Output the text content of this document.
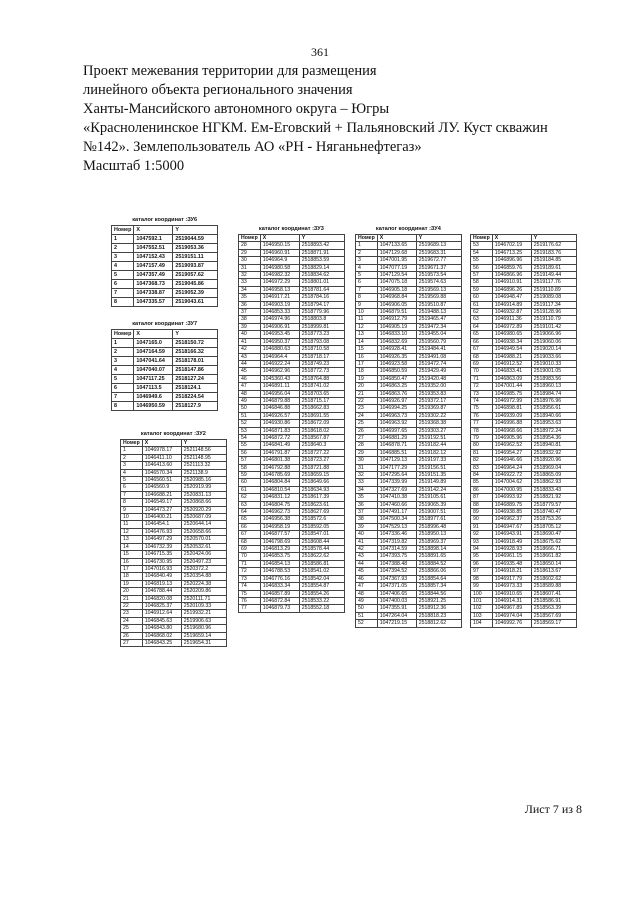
361
Проект межевания территории для размещения
линейного объекта регионального значения
Ханты-Мансийского автономного округа – Югры
«Красноленинское НГКМ. Ем-Еговский + Пальяновский ЛУ. Куст скважин
№142». Землепользователь АО «РН - Няганьнефтегаз»
Масштаб 1:5000
каталог координат :ЗУ6
Номер	X	Y
1	1047592.1	2519044.59
2	1047552.51	2519053.36
3	1047152.43	2519151.11
4	1047157.49	2519093.87
5	1047357.49	2519057.62
6	1047368.73	2519045.86
7	1047338.87	2519052.39
8	1047335.57	2519043.61
каталог координат :ЗУ7
Номер	X	Y
1	1047165.0	2518150.72
2	1047164.59	2518166.32
3	1047041.64	2518178.01
4	1047040.07	2518147.86
5	1047117.25	2518127.24
6	1047113.5	2518124.1
7	1046949.6	2518224.54
8	1046950.59	2518127.9
каталог координат :ЗУ2
Номер	X	Y
1	1046978.17	2521148.56
2	1046411.10	2521148.95
3	1046413.60	2521113.32
4	1046570.34	2521138.9
5	1046560.51	2520985.16
6	1046560.9	2520919.99
7	1046688.21	2520831.13
8	1046549.17	2520868.66
9	1046473.27	2520920.29
10	1046400.21	2520687.09
11	1046454.1	2520644.14
12	1046476.93	2520658.66
13	1046497.29	2520570.01
14	1046732.39	2520532.61
15	1046715.35	2520424.06
16	1046730.95	2520497.23
17	1047016.93	2520372.2
18	1046840.49	2520354.88
19	1046819.13	2520224.38
20	1046788.44	2520209.86
21	1046820.08	2520111.71
22	1046825.37	2520109.33
23	1046912.64	2519932.21
24	1046845.63	2519906.63
25	1046843.80	2519680.96
26	1046868.02	2519659.14
27	1046843.25	2519654.31
каталог координат :ЗУ3
Номер	X	Y
28	1046950.15	2518893.42
29	1046960.91	2518871.91
30	1046964.9	2518853.59
31	1046980.58	2518829.14
32	1046982.32	2518834.62
33	1046972.29	2518801.01
34	1046958.13	2518781.64
35	1046917.21	2518784.16
36	1046903.19	2518794.17
37	1046853.33	2518779.96
38	1046974.96	2518803.8
39	1046906.91	2518999.81
40	1046953.45	2518773.23
41	1046950.37	2518793.08
42	1046880.63	2518710.58
43	1046964.4	2518718.17
44	1046922.24	2518749.23
45	1046962.96	2518772.73
46	1045360.43	2518764.88
47	1046891.11	2518741.02
48	1046956.04	2518703.65
49	1046879.88	2518715.17
50	1046846.88	2518662.83
51	1046926.57	2518691.55
52	1046930.86	2518672.09
53	1046871.83	2518618.02
54	1046872.72	2518567.87
55	1046841.49	2518640.3
56	1046791.87	2518727.22
57	1046801.38	2518723.27
58	1046792.88	2518721.88
59	1046785.69	2518659.15
60	1046804.84	2518649.66
61	1046810.54	2518634.93
62	1046831.12	2518617.39
63	1046804.75	2518623.61
64	1046962.73	2518627.69
65	1046956.38	2518572.6
66	1046958.19	2518592.05
67	1046877.57	2518547.01
68	1046798.69	2518608.44
69	1046813.29	2518578.44
70	1046853.75	2518622.62
71	1046854.13	2518586.81
72	1046788.53	2518541.02
73	1046776.16	2518542.04
74	1046833.34	2518554.87
75	1046857.89	2518554.26
76	1046872.84	2518533.22
77	1046879.73	2518552.18
каталог координат :ЗУ4
Номер	X	Y
1	1047133.65	2519689.13
2	1047129.68	2519683.31
3	1047001.95	2519672.77
4	1047077.19	2519671.37
5	1047129.54	2519573.54
6	1047075.18	2519574.63
7	1046905.18	2519569.13
8	1046968.84	2519569.88
9	1046906.05	2519510.87
10	1046879.51	2519488.13
11	1046912.79	2519465.47
12	1046905.19	2519472.34
13	1046833.10	2519455.04
14	1046832.69	2519560.79
15	1046928.41	2519484.41
16	1046926.35	2519491.08
17	1046923.58	2519472.74
18	1046850.59	2519429.49
19	1046850.47	2519420.48
20	1046863.25	2519352.00
21	1046863.76	2519353.83
22	1046926.97	2519372.17
23	1046994.25	2519369.87
24	1046963.73	2519302.22
25	1046963.92	2519368.38
26	1046997.65	2519303.27
27	1046881.29	2519192.51
28	1046878.71	2519182.44
29	1046885.51	2519182.12
30	1047129.13	2519197.33
31	1047177.29	2519156.51
32	1047295.64	2519151.35
33	1047339.99	2519149.89
34	1047327.69	2519142.24
35	1047410.38	2519105.61
36	1047460.66	2519065.39
37	1047491.17	2519007.51
38	1047500.34	2518977.61
39	1047529.13	2518996.48
40	1047336.46	2518950.13
41	1047319.82	2518969.37
42	1047314.59	2518898.14
43	1047393.75	2518891.65
44	1047388.48	2518884.52
45	1047394.52	2518866.06
46	1047367.93	2518854.64
47	1047371.05	2518857.34
48	1047406.65	2518844.56
49	1047400.03	2518921.25
50	1047355.91	2518912.36
51	1047264.04	2518818.23
52	1047219.15	2518812.62
Номер	X	Y
53	1046702.19	2519176.62
54	1046713.25	2519183.76
55	1046896.96	2519184.85
56	1046859.76	2519189.61
57	1046866.96	2519149.44
58	1046910.91	2519117.76
59	1046896.26	2519110.89
60	1046948.47	2519089.08
61	1046914.89	2519117.34
62	1046932.87	2519128.96
63	1046911.36	2519110.79
64	1046972.89	2519101.42
65	1046980.65	2519066.96
66	1046938.34	2519060.06
67	1046949.54	2519020.14
68	1046988.21	2519033.66
69	1046912.52	2519010.33
70	1046833.41	2519001.05
71	1046863.09	2518983.56
72	1047001.44	2518960.13
73	1046985.75	2518984.74
74	1046972.99	2518976.96
75	1046898.81	2518956.61
76	1046939.09	2518940.66
77	1046996.88	2518953.63
78	1046968.66	2518972.24
79	1046905.96	2518954.36
80	1046962.52	2518940.81
81	1046954.27	2518932.92
82	1046946.66	2518920.96
83	1046964.24	2518969.04
84	1046922.72	2518865.09
85	1047004.62	2518862.93
86	1047000.95	2518833.43
87	1046993.92	2518821.92
88	1046889.75	2518779.57
89	1046938.85	2518740.47
90	1046962.37	2518753.26
91	1046947.67	2518705.12
92	1046943.91	2518690.47
93	1046918.49	2518675.62
94	1046928.93	2518666.71
95	1046961.15	2518661.82
96	1046935.48	2518650.14
97	1046918.21	2518613.67
98	1046917.79	2518602.62
99	1046973.33	2518589.88
100	1046910.65	2518607.41
101	1046914.31	2518586.91
102	1046967.89	2518563.39
103	1046974.04	2518567.69
104	1046992.76	2518569.17
Лист 7 из 8
